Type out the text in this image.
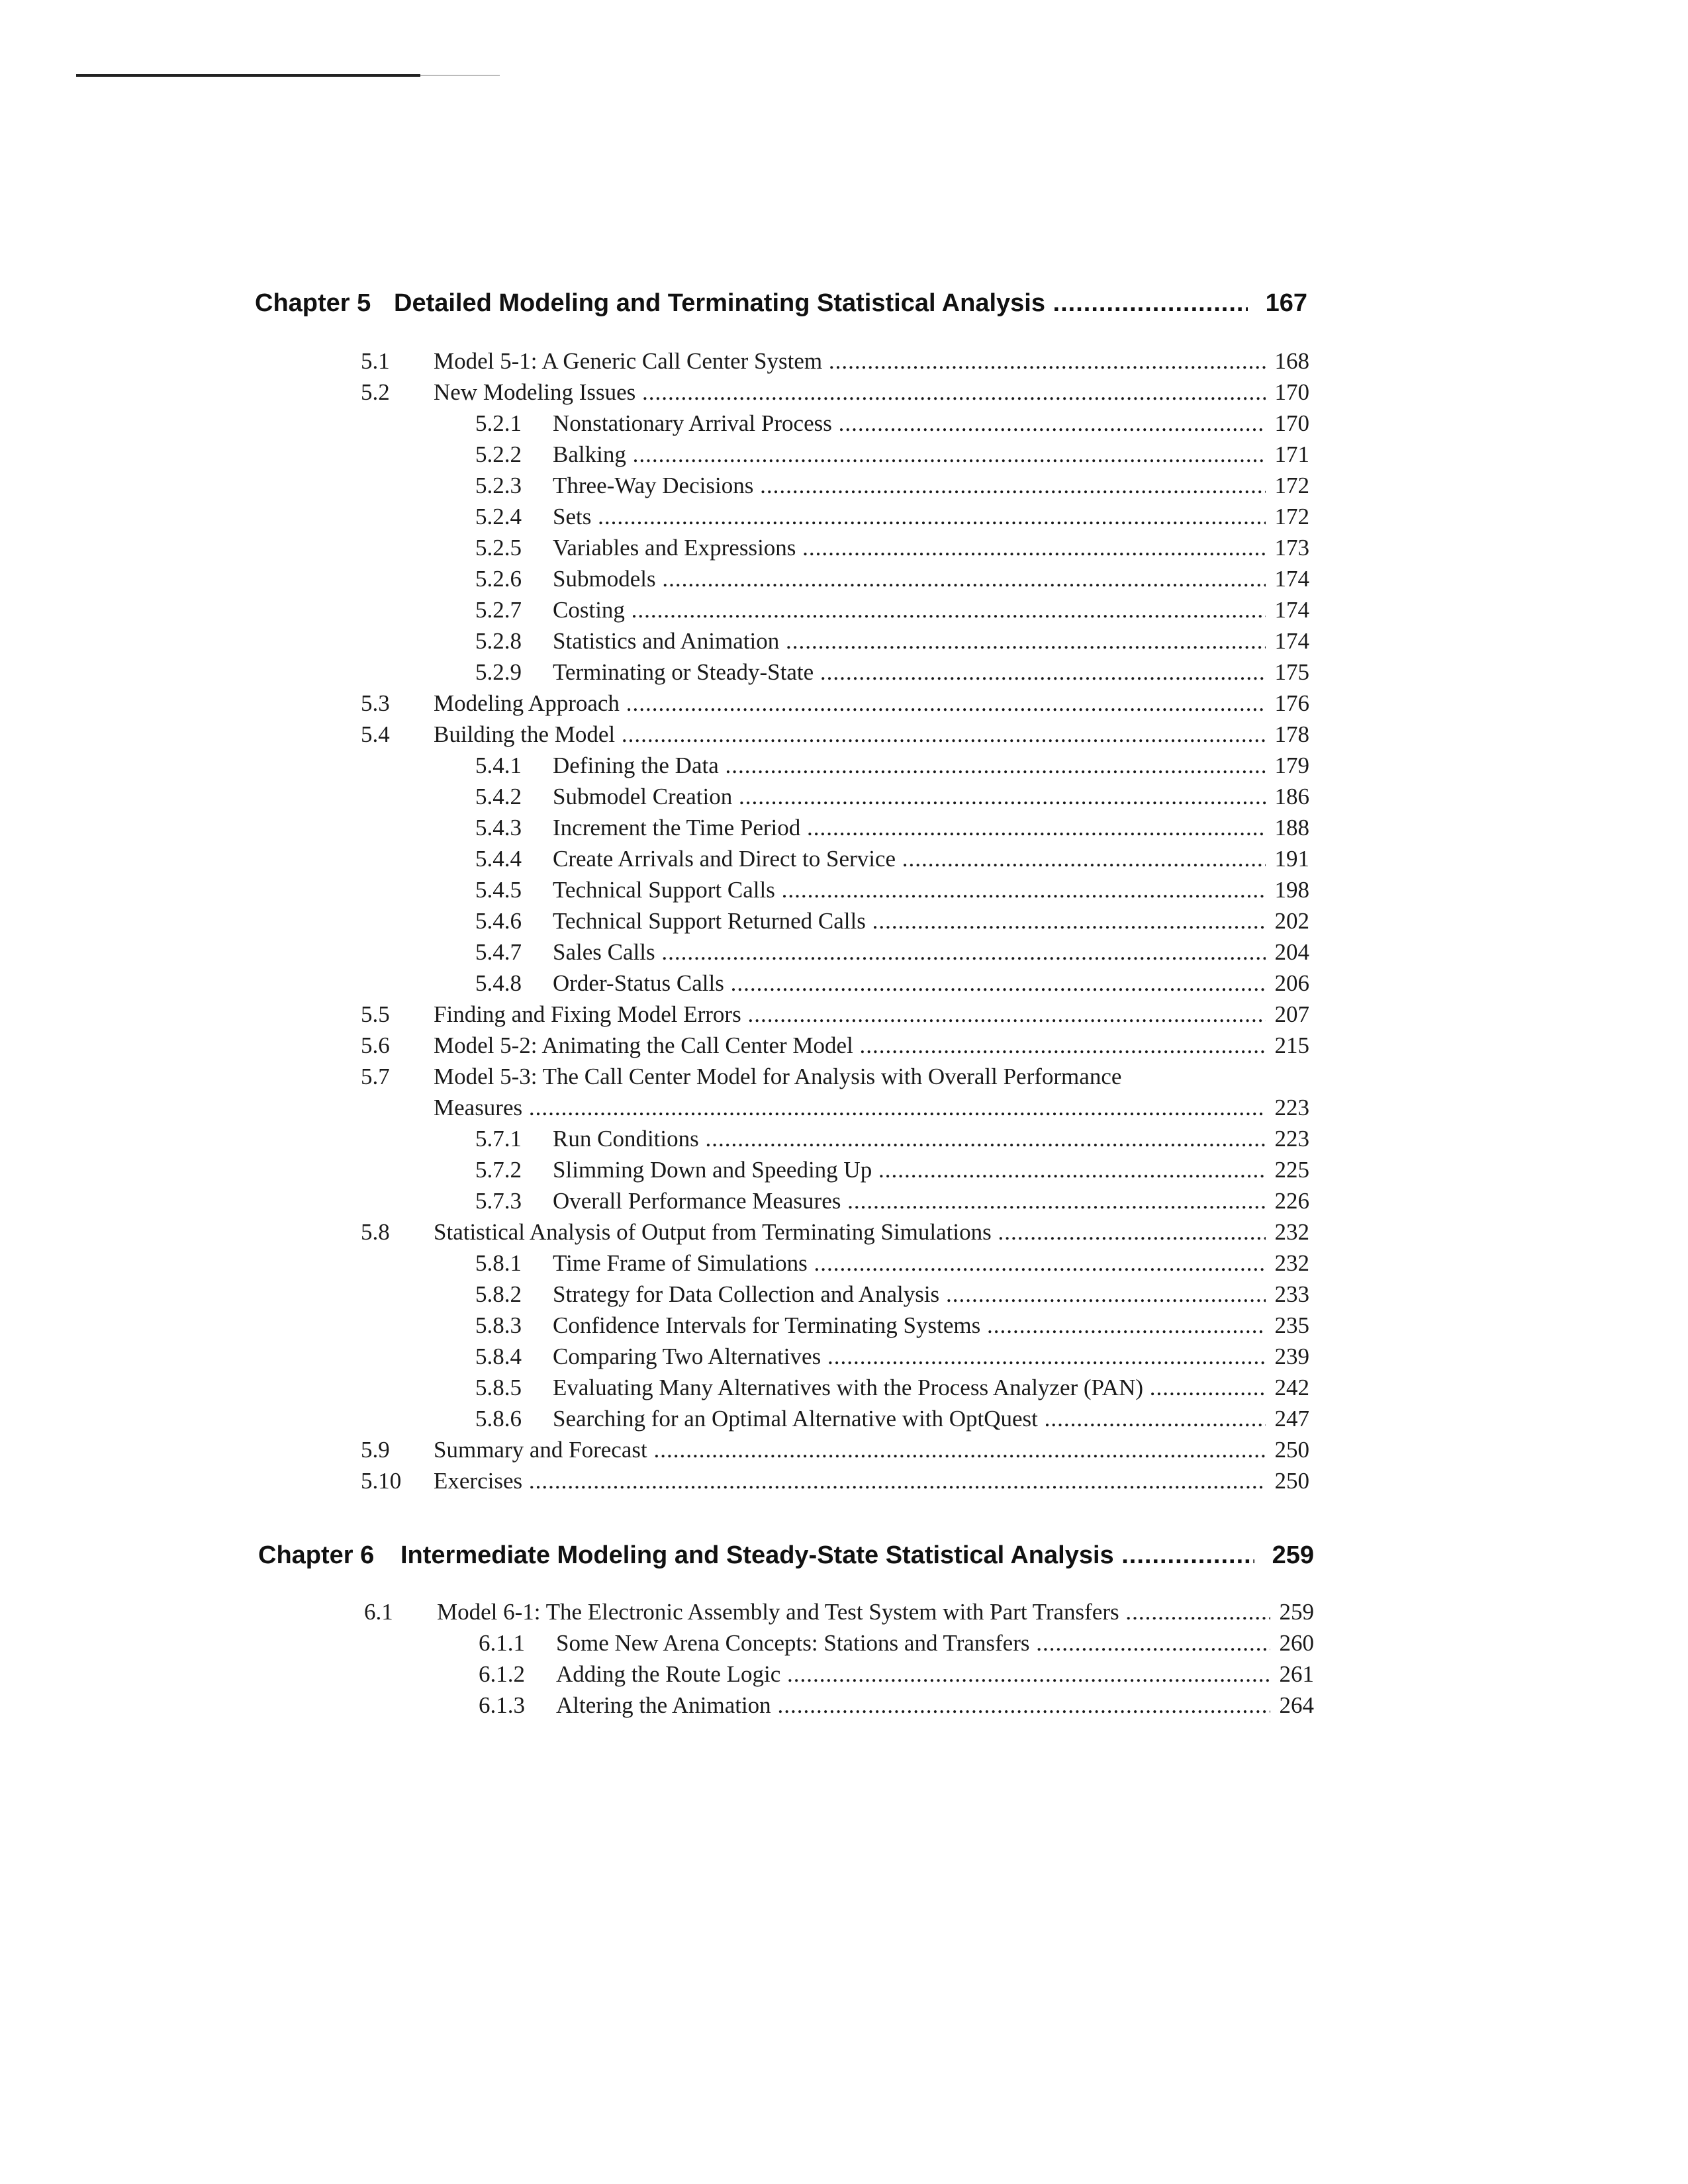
Chapter 5 Detailed Modeling and Terminating Statistical Analysis .....	167
5.1 Model 5-1: A Generic Call Center System .....	168
5.2 New Modeling Issues .....	170
5.2.1 Nonstationary Arrival Process .....	170
5.2.2 Balking .....	171
5.2.3 Three-Way Decisions .....	172
5.2.4 Sets .....	172
5.2.5 Variables and Expressions .....	173
5.2.6 Submodels .....	174
5.2.7 Costing .....	174
5.2.8 Statistics and Animation .....	174
5.2.9 Terminating or Steady-State .....	175
5.3 Modeling Approach .....	176
5.4 Building the Model .....	178
5.4.1 Defining the Data .....	179
5.4.2 Submodel Creation .....	186
5.4.3 Increment the Time Period .....	188
5.4.4 Create Arrivals and Direct to Service .....	191
5.4.5 Technical Support Calls .....	198
5.4.6 Technical Support Returned Calls .....	202
5.4.7 Sales Calls .....	204
5.4.8 Order-Status Calls .....	206
5.5 Finding and Fixing Model Errors .....	207
5.6 Model 5-2: Animating the Call Center Model .....	215
5.7 Model 5-3: The Call Center Model for Analysis with Overall Performance
Measures .....	223
5.7.1 Run Conditions .....	223
5.7.2 Slimming Down and Speeding Up .....	225
5.7.3 Overall Performance Measures .....	226
5.8 Statistical Analysis of Output from Terminating Simulations .....	232
5.8.1 Time Frame of Simulations .....	232
5.8.2 Strategy for Data Collection and Analysis .....	233
5.8.3 Confidence Intervals for Terminating Systems .....	235
5.8.4 Comparing Two Alternatives .....	239
5.8.5 Evaluating Many Alternatives with the Process Analyzer (PAN) .....	242
5.8.6 Searching for an Optimal Alternative with OptQuest .....	247
5.9 Summary and Forecast .....	250
5.10 Exercises .....	250
Chapter 6 Intermediate Modeling and Steady-State Statistical Analysis .....	259
6.1 Model 6-1: The Electronic Assembly and Test System with Part Transfers .....	259
6.1.1 Some New Arena Concepts: Stations and Transfers .....	260
6.1.2 Adding the Route Logic .....	261
6.1.3 Altering the Animation .....	264
